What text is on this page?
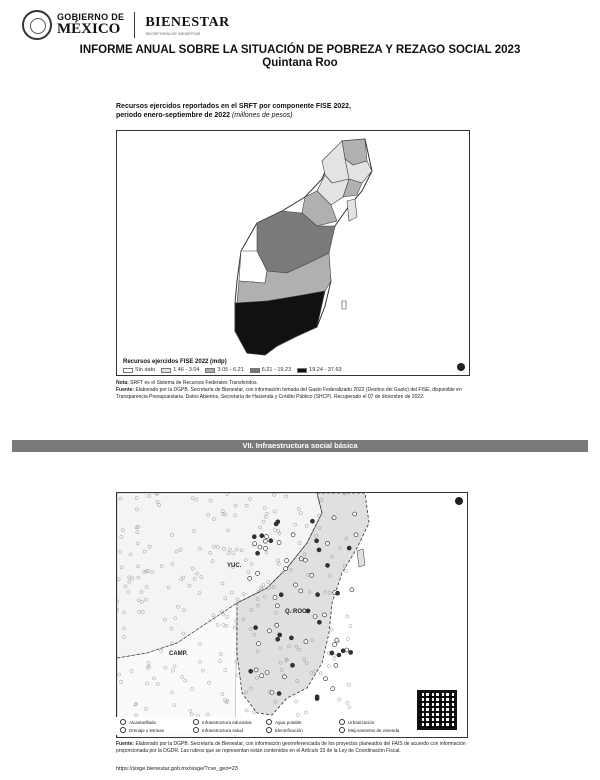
GOBIERNO DE
MÉXICO BIENESTAR
SECRETARÍA DE BIENESTAR
INFORME ANUAL SOBRE LA SITUACIÓN DE POBREZA Y REZAGO SOCIAL 2023
Quintana Roo
Recursos ejercidos reportados en el SRFT por componente FISE 2022,
periodo enero-septiembre de 2022 (millones de pesos)
Recursos ejercidos FISE 2022 (mdp)
Sin dato	1.46 - 3.04	3.05 - 6.21	6.21 - 19.23	19.24 - 37.63
Nota: SRFT es el Sistema de Recursos Federales Transferidos.
Fuente: Elaborado por la DGPB. Secretaría de Bienestar, con información tomada del Gasto Federalizado 2022 (Destino del Gasto) del FISE, disponible en Transparencia Presupuestaria. Datos Abiertos, Secretaría de Hacienda y Crédito Público (SHCP). Recuperado el 07 de diciembre de 2022.
VII. Infraestructura social básica
YUC.
Q. ROO
CAMP.
Alcantarillado	Infraestructura educativa	Agua potable	Urbanización
Drenaje y letrinas	Infraestructura salud	Electrificación	Mejoramiento de vivienda
Fuente: Elaborado por la DGPB. Secretaría de Bienestar, con información georreferenciada de los proyectos planeados del FAIS de acuerdo con información proporcionada por la DGDR. Las rubros que se representan están contenidos en el Artículo 33 de la Ley de Coordinación Fiscal.
https://sisge.bienestar.gob.mx/sisge/?cve_geo=23
